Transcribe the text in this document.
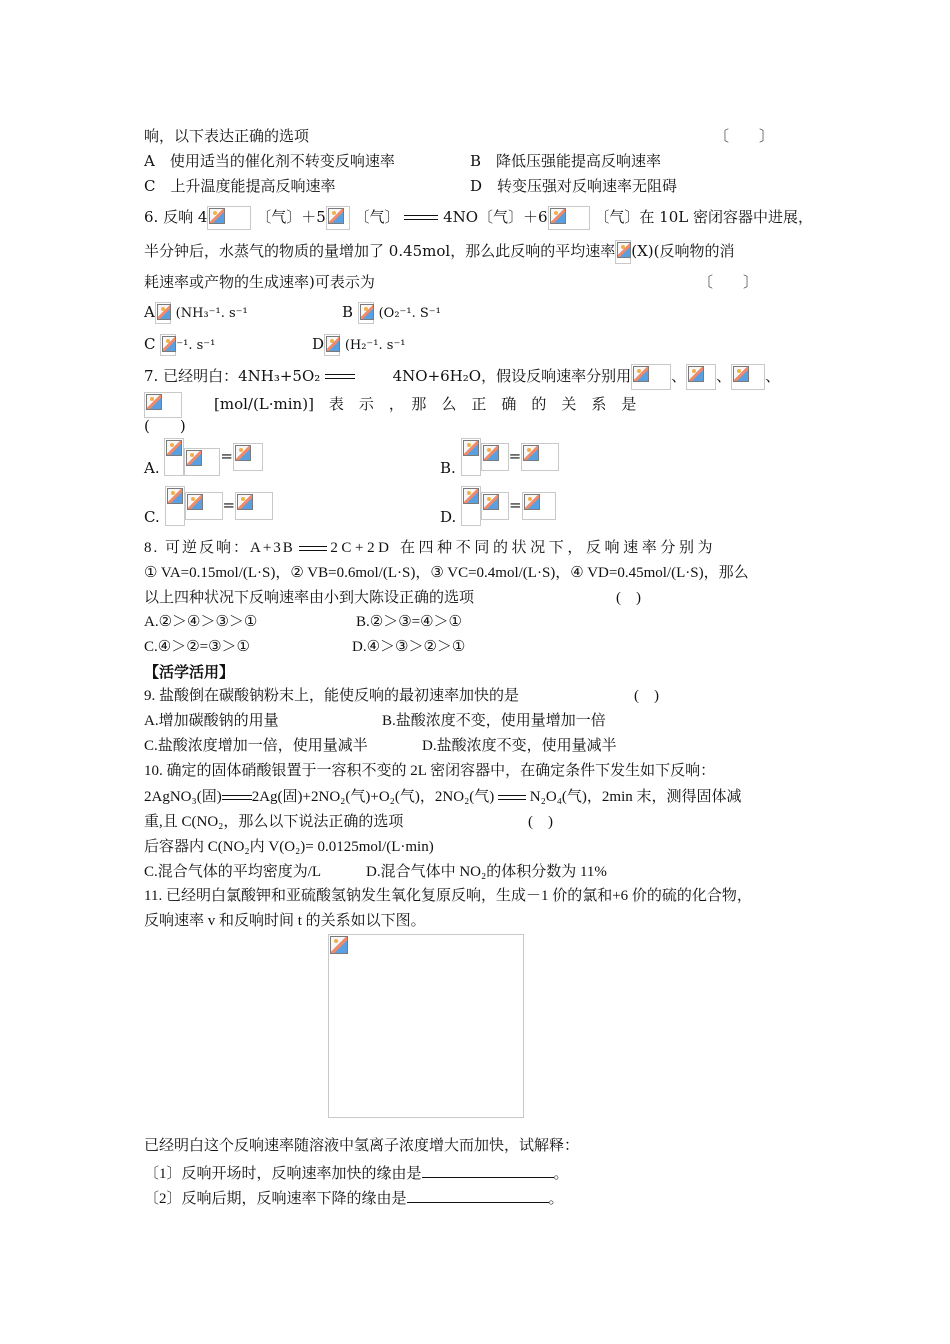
响，以下表达正确的选项	〔　　〕
A　使用适当的催化剂不转变反响速率	B　降低压强能提高反响速率
C　上升温度能提高反响速率	D　转变压强对反响速率无阻碍
6. 反响 4	〔气〕＋5 〔气〕	4NO〔气〕＋6	〔气〕在 10L 密闭容器中进展，
半分钟后，水蒸气的物质的量增加了 0.45mol，那么此反响的平均速率 (X)(反响物的消
耗速率或产物的生成速率)可表示为	〔　　〕
A (NH₃⁻¹. s⁻¹	B (O₂⁻¹. S⁻¹
C ⁻¹. s⁻¹	D (H₂⁻¹. s⁻¹
7. 已经明白：4NH₃+5O₂	4NO+6H₂O，假设反响速率分别用	、 、 、
[mol/(L·min)]　表　示　，　那　么　正　确　的　关　系　是
(　　)
A.
=
B.
=
C.
=
D.
=
8. 可逆反响：A+3B 2C+2D 在四种不同的状况下，反响速率分别为
① VA=0.15mol/(L·S)，② VB=0.6mol/(L·S)，③ VC=0.4mol/(L·S)，④ VD=0.45mol/(L·S)，那么
以上四种状况下反响速率由小到大陈设正确的选项	(　)
A.②＞④＞③＞①	B.②＞③=④＞①
C.④＞②=③＞①	D.④＞③＞②＞①
【活学活用】
9. 盐酸倒在碳酸钠粉末上，能使反响的最初速率加快的是	(　)
A.增加碳酸钠的用量	B.盐酸浓度不变，使用量增加一倍
C.盐酸浓度增加一倍，使用量减半	D.盐酸浓度不变，使用量减半
10. 确定的固体硝酸银置于一容积不变的 2L 密闭容器中，在确定条件下发生如下反响：
2AgNO₃(固) 2Ag(固)+2NO₂(气)+O₂(气)，2NO₂(气) N₂O₄(气)，2min 末，测得固体减
重,且 C(NO₂，那么以下说法正确的选项	(　)
后容器内 C(NO₂内 V(O₂)= 0.0125mol/(L·min)
C.混合气体的平均密度为/L	D.混合气体中 NO₂的体积分数为 11%
11. 已经明白氯酸钾和亚硫酸氢钠发生氧化复原反响，生成－1 价的氯和+6 价的硫的化合物，
反响速率 v 和反响时间 t 的关系如以下图。
已经明白这个反响速率随溶液中氢离子浓度增大而加快，试解释：
〔1〕反响开场时，反响速率加快的缘由是	。
〔2〕反响后期，反响速率下降的缘由是	。
